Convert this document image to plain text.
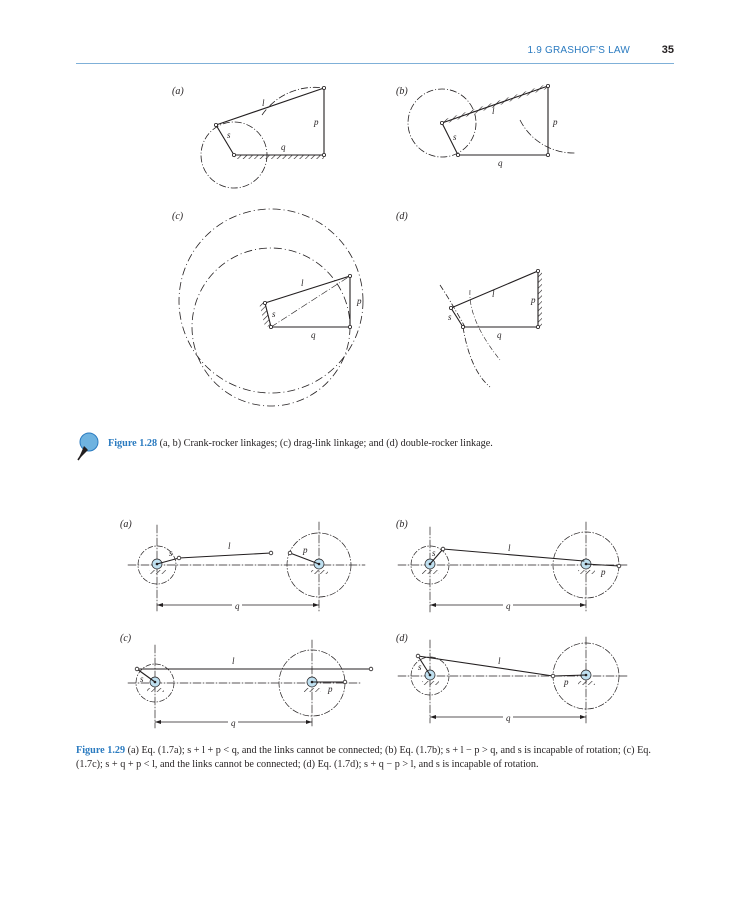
1.9 GRASHOF’S LAW	35
(a)
s
l
p
q
(b)
s
l
p
q
(c)
s
l
p
q
(d)
s
l
p
q
(a)
s
l	p
q
(b)
s	l
p
q
(c)
s
l
p
q
(d)
s
l
p
q
Figure 1.28 (a, b) Crank-rocker linkages; (c) drag-link linkage; and (d) double-rocker linkage.
Figure 1.29 (a) Eq. (1.7a); s + l + p < q, and the links cannot be connected; (b) Eq. (1.7b); s + l − p > q, and s is incapable of rotation; (c) Eq. (1.7c); s + q + p < l, and the links cannot be connected; (d) Eq. (1.7d); s + q − p > l, and s is incapable of rotation.
